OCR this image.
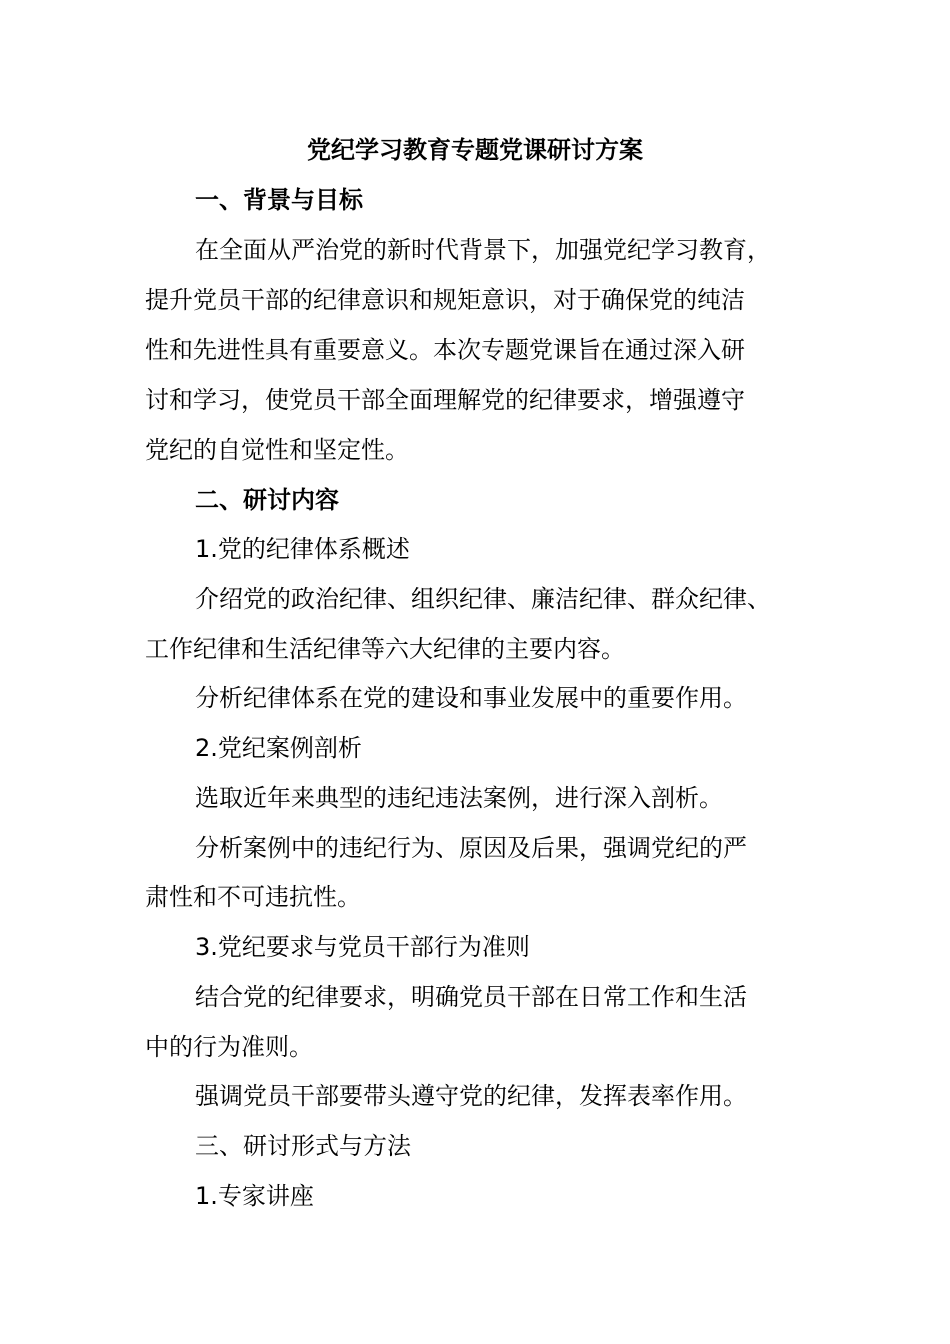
党纪学习教育专题党课研讨方案
一、背景与目标
在全面从严治党的新时代背景下，加强党纪学习教育，
提升党员干部的纪律意识和规矩意识，对于确保党的纯洁
性和先进性具有重要意义。本次专题党课旨在通过深入研
讨和学习，使党员干部全面理解党的纪律要求，增强遵守
党纪的自觉性和坚定性。
二、研讨内容
1.党的纪律体系概述
介绍党的政治纪律、组织纪律、廉洁纪律、群众纪律、
工作纪律和生活纪律等六大纪律的主要内容。
分析纪律体系在党的建设和事业发展中的重要作用。
2.党纪案例剖析
选取近年来典型的违纪违法案例，进行深入剖析。
分析案例中的违纪行为、原因及后果，强调党纪的严
肃性和不可违抗性。
3.党纪要求与党员干部行为准则
结合党的纪律要求，明确党员干部在日常工作和生活
中的行为准则。
强调党员干部要带头遵守党的纪律，发挥表率作用。
三、研讨形式与方法
1.专家讲座
